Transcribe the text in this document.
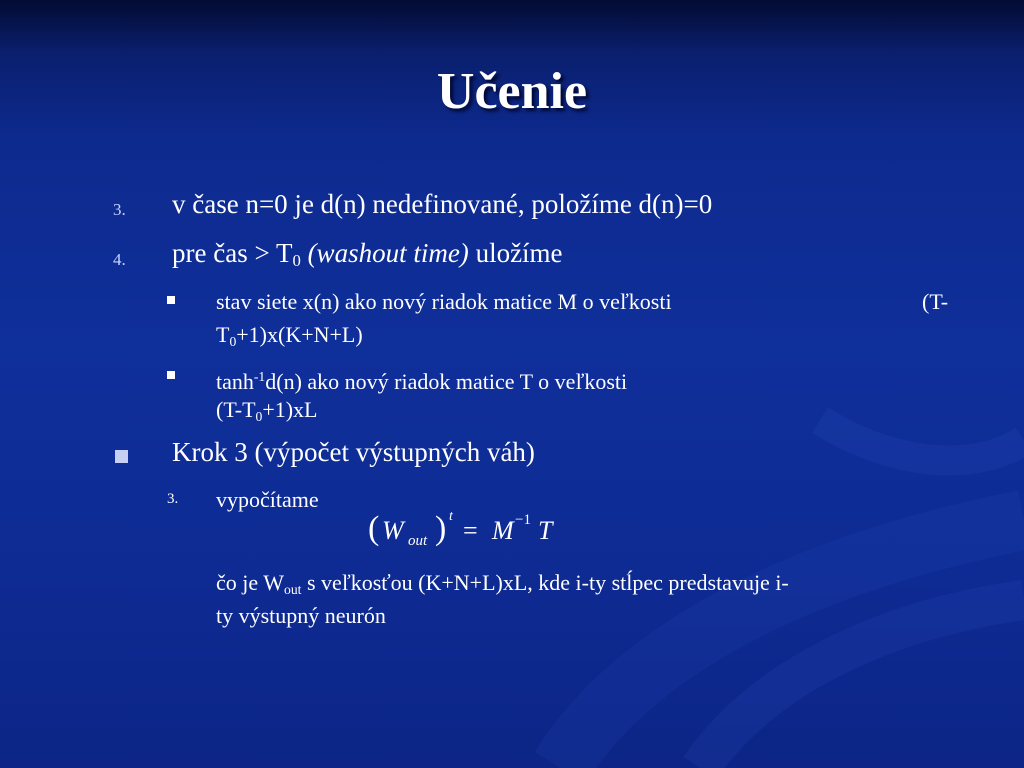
Učenie
3. v čase n=0 je d(n) nedefinované, položíme d(n)=0
4. pre čas > $T_0$ (washout time) uložíme
stav siete x(n) ako nový riadok matice M o veľkosti	(T-
$T_0+1)x(K+N+L)$
$\tanh^{-1}d(n)$ ako nový riadok matice T o veľkosti
$(T-T_0+1)xL$
Krok 3 (výpočet výstupných váh)
3. vypočítame
( W out ) t = M −1 T
čo je $W_{out}$ s veľkosťou (K+N+L)xL, kde i-ty stĺpec predstavuje i-
ty výstupný neurón
